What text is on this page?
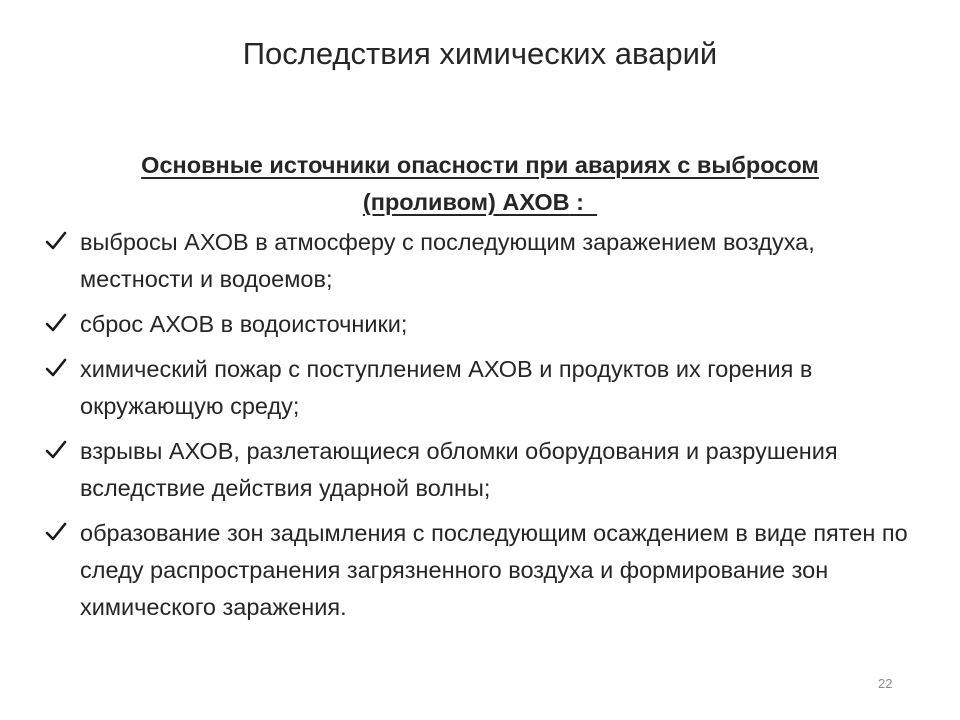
Последствия химических аварий
Основные источники опасности при авариях с выбросом
(проливом) АХОВ :
выбросы АХОВ в атмосферу с последующим заражением воздуха, местности и водоемов;
сброс АХОВ в водоисточники;
химический пожар с поступлением АХОВ и продуктов их горения в окружающую среду;
взрывы АХОВ, разлетающиеся обломки оборудования и разрушения вследствие действия ударной волны;
образование зон задымления с последующим осаждением в виде пятен по следу распространения загрязненного воздуха и формирование зон химического заражения.
22
